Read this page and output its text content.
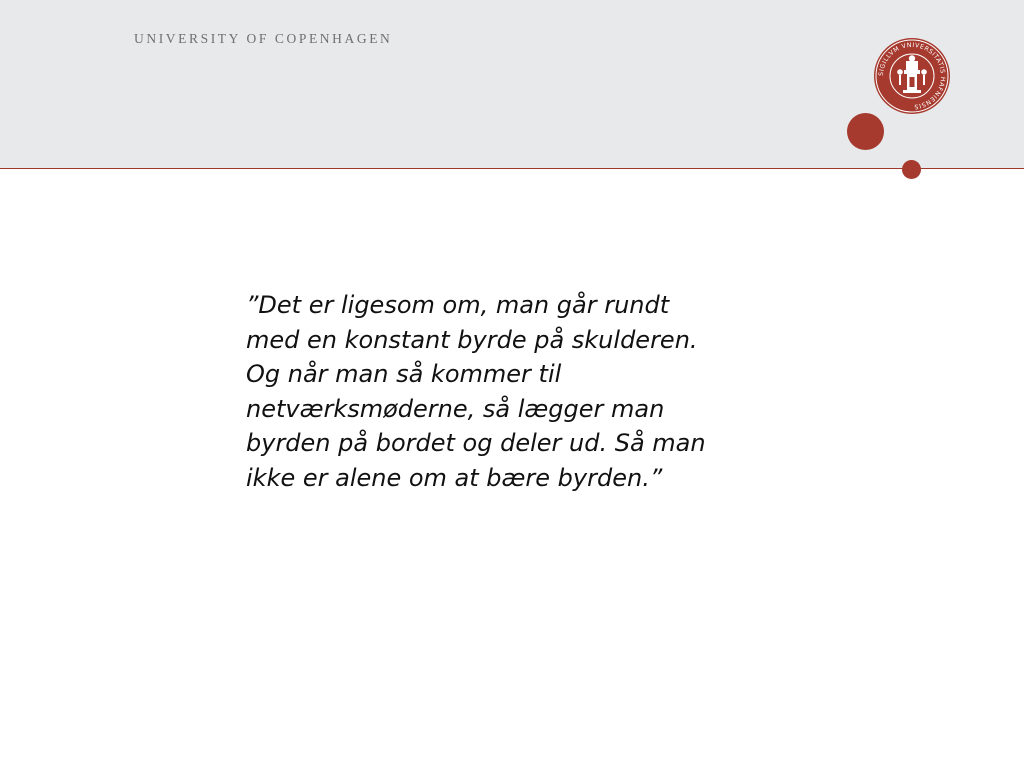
UNIVERSITY OF COPENHAGEN
SIGILLVM VNIVERSITATIS HAFNIENSIS

”Det er ligesom om, man går rundt
med en konstant byrde på skulderen.
Og når man så kommer til
netværksmøderne, så lægger man
byrden på bordet og deler ud. Så man
ikke er alene om at bære byrden.”
